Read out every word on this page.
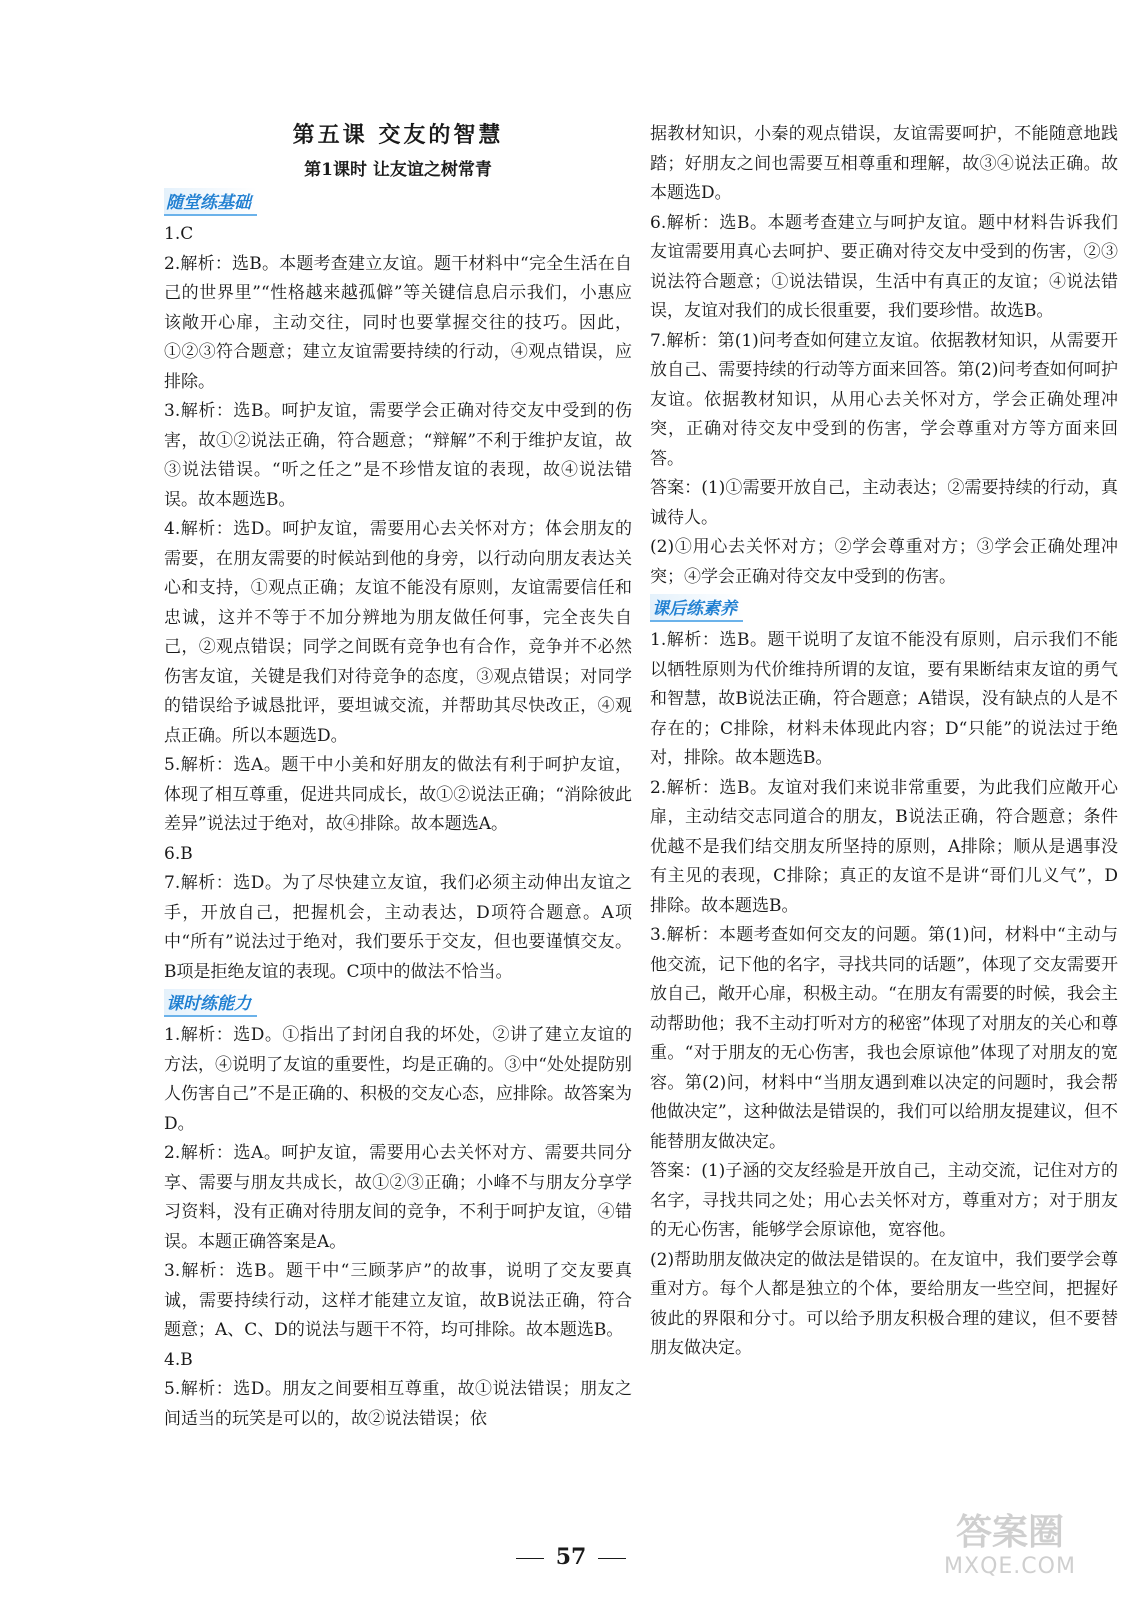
第五课 交友的智慧
第1课时 让友谊之树常青
随堂练基础

1.C

2.解析：选B。本题考查建立友谊。题干材料中“完全生活在自己的世界里”“性格越来越孤僻”等关键信息启示我们，小惠应该敞开心扉，主动交往，同时也要掌握交往的技巧。因此，①②③符合题意；建立友谊需要持续的行动，④观点错误，应排除。

3.解析：选B。呵护友谊，需要学会正确对待交友中受到的伤害，故①②说法正确，符合题意；“辩解”不利于维护友谊，故③说法错误。“听之任之”是不珍惜友谊的表现，故④说法错误。故本题选B。

4.解析：选D。呵护友谊，需要用心去关怀对方；体会朋友的需要，在朋友需要的时候站到他的身旁，以行动向朋友表达关心和支持，①观点正确；友谊不能没有原则，友谊需要信任和忠诚，这并不等于不加分辨地为朋友做任何事，完全丧失自己，②观点错误；同学之间既有竞争也有合作，竞争并不必然伤害友谊，关键是我们对待竞争的态度，③观点错误；对同学的错误给予诚恳批评，要坦诚交流，并帮助其尽快改正，④观点正确。所以本题选D。

5.解析：选A。题干中小美和好朋友的做法有利于呵护友谊，体现了相互尊重，促进共同成长，故①②说法正确；“消除彼此差异”说法过于绝对，故④排除。故本题选A。

6.B

7.解析：选D。为了尽快建立友谊，我们必须主动伸出友谊之手，开放自己，把握机会，主动表达，D项符合题意。A项中“所有”说法过于绝对，我们要乐于交友，但也要谨慎交友。B项是拒绝友谊的表现。C项中的做法不恰当。

课时练能力

1.解析：选D。①指出了封闭自我的坏处，②讲了建立友谊的方法，④说明了友谊的重要性，均是正确的。③中“处处提防别人伤害自己”不是正确的、积极的交友心态，应排除。故答案为D。

2.解析：选A。呵护友谊，需要用心去关怀对方、需要共同分享、需要与朋友共成长，故①②③正确；小峰不与朋友分享学习资料，没有正确对待朋友间的竞争，不利于呵护友谊，④错误。本题正确答案是A。

3.解析：选B。题干中“三顾茅庐”的故事，说明了交友要真诚，需要持续行动，这样才能建立友谊，故B说法正确，符合题意；A、C、D的说法与题干不符，均可排除。故本题选B。

4.B

5.解析：选D。朋友之间要相互尊重，故①说法错误；朋友之间适当的玩笑是可以的，故②说法错误；依

据教材知识，小秦的观点错误，友谊需要呵护，不能随意地践踏；好朋友之间也需要互相尊重和理解，故③④说法正确。故本题选D。

6.解析：选B。本题考查建立与呵护友谊。题中材料告诉我们友谊需要用真心去呵护、要正确对待交友中受到的伤害，②③说法符合题意；①说法错误，生活中有真正的友谊；④说法错误，友谊对我们的成长很重要，我们要珍惜。故选B。

7.解析：第(1)问考查如何建立友谊。依据教材知识，从需要开放自己、需要持续的行动等方面来回答。第(2)问考查如何呵护友谊。依据教材知识，从用心去关怀对方，学会正确处理冲突，正确对待交友中受到的伤害，学会尊重对方等方面来回答。

答案：(1)①需要开放自己，主动表达；②需要持续的行动，真诚待人。

(2)①用心去关怀对方；②学会尊重对方；③学会正确处理冲突；④学会正确对待交友中受到的伤害。

课后练素养

1.解析：选B。题干说明了友谊不能没有原则，启示我们不能以牺牲原则为代价维持所谓的友谊，要有果断结束友谊的勇气和智慧，故B说法正确，符合题意；A错误，没有缺点的人是不存在的；C排除，材料未体现此内容；D“只能”的说法过于绝对，排除。故本题选B。

2.解析：选B。友谊对我们来说非常重要，为此我们应敞开心扉，主动结交志同道合的朋友，B说法正确，符合题意；条件优越不是我们结交朋友所坚持的原则，A排除；顺从是遇事没有主见的表现，C排除；真正的友谊不是讲“哥们儿义气”，D排除。故本题选B。

3.解析：本题考查如何交友的问题。第(1)问，材料中“主动与他交流，记下他的名字，寻找共同的话题”，体现了交友需要开放自己，敞开心扉，积极主动。“在朋友有需要的时候，我会主动帮助他；我不主动打听对方的秘密”体现了对朋友的关心和尊重。“对于朋友的无心伤害，我也会原谅他”体现了对朋友的宽容。第(2)问，材料中“当朋友遇到难以决定的问题时，我会帮他做决定”，这种做法是错误的，我们可以给朋友提建议，但不能替朋友做决定。

答案：(1)子涵的交友经验是开放自己，主动交流，记住对方的名字，寻找共同之处；用心去关怀对方，尊重对方；对于朋友的无心伤害，能够学会原谅他，宽容他。

(2)帮助朋友做决定的做法是错误的。在友谊中，我们要学会尊重对方。每个人都是独立的个体，要给朋友一些空间，把握好彼此的界限和分寸。可以给予朋友积极合理的建议，但不要替朋友做决定。

57
答案圈
MXQE.COM
